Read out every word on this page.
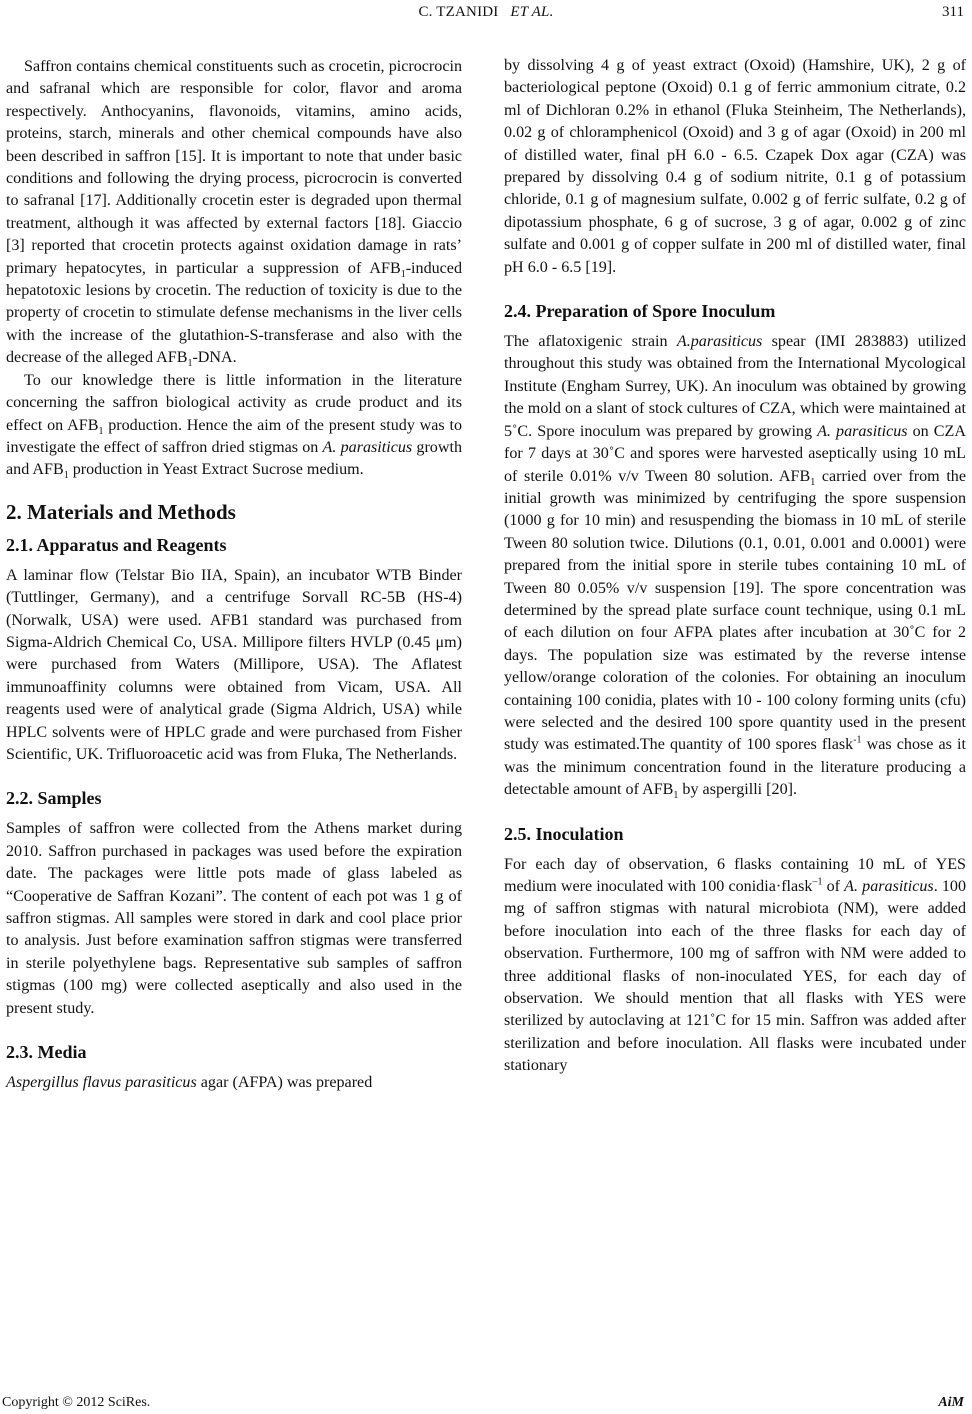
C. TZANIDI ET AL.	311

Saffron contains chemical constituents such as crocetin, picrocrocin and safranal which are responsible for color, flavor and aroma respectively. Anthocyanins, flavonoids, vitamins, amino acids, proteins, starch, minerals and other chemical compounds have also been described in saffron [15]. It is important to note that under basic conditions and following the drying process, picrocrocin is converted to safranal [17]. Additionally crocetin ester is degraded upon thermal treatment, although it was affected by external factors [18]. Giaccio [3] reported that crocetin protects against oxidation damage in rats’ primary hepatocytes, in particular a suppression of $AFB_1$-induced hepatotoxic lesions by crocetin. The reduction of toxicity is due to the property of crocetin to stimulate defense mechanisms in the liver cells with the increase of the glutathion-S-transferase and also with the decrease of the alleged $AFB_1$-DNA.

To our knowledge there is little information in the literature concerning the saffron biological activity as crude product and its effect on $AFB_1$ production. Hence the aim of the present study was to investigate the effect of saffron dried stigmas on A. parasiticus growth and $AFB_1$ production in Yeast Extract Sucrose medium.

2. Materials and Methods
2.1. Apparatus and Reagents

A laminar flow (Telstar Bio IIA, Spain), an incubator WTB Binder (Tuttlinger, Germany), and a centrifuge Sorvall RC-5B (HS-4) (Norwalk, USA) were used. AFB1 standard was purchased from Sigma-Aldrich Chemical Co, USA. Millipore filters HVLP (0.45 μm) were purchased from Waters (Millipore, USA). The Aflatest immunoaffinity columns were obtained from Vicam, USA. All reagents used were of analytical grade (Sigma Aldrich, USA) while HPLC solvents were of HPLC grade and were purchased from Fisher Scientific, UK. Trifluoroacetic acid was from Fluka, The Netherlands.

2.2. Samples

Samples of saffron were collected from the Athens market during 2010. Saffron purchased in packages was used before the expiration date. The packages were little pots made of glass labeled as “Cooperative de Saffran Kozani”. The content of each pot was 1 g of saffron stigmas. All samples were stored in dark and cool place prior to analysis. Just before examination saffron stigmas were transferred in sterile polyethylene bags. Representative sub samples of saffron stigmas (100 mg) were collected aseptically and also used in the present study.

2.3. Media

Aspergillus flavus parasiticus agar (AFPA) was prepared

by dissolving 4 g of yeast extract (Oxoid) (Hamshire, UK), 2 g of bacteriological peptone (Oxoid) 0.1 g of ferric ammonium citrate, 0.2 ml of Dichloran 0.2% in ethanol (Fluka Steinheim, The Netherlands), 0.02 g of chloramphenicol (Oxoid) and 3 g of agar (Oxoid) in 200 ml of distilled water, final pH 6.0 - 6.5. Czapek Dox agar (CZA) was prepared by dissolving 0.4 g of sodium nitrite, 0.1 g of potassium chloride, 0.1 g of magnesium sulfate, 0.002 g of ferric sulfate, 0.2 g of dipotassium phosphate, 6 g of sucrose, 3 g of agar, 0.002 g of zinc sulfate and 0.001 g of copper sulfate in 200 ml of distilled water, final pH 6.0 - 6.5 [19].

2.4. Preparation of Spore Inoculum

The aflatoxigenic strain A.parasiticus spear (IMI 283883) utilized throughout this study was obtained from the International Mycological Institute (Engham Surrey, UK). An inoculum was obtained by growing the mold on a slant of stock cultures of CZA, which were maintained at 5˚C. Spore inoculum was prepared by growing A. parasiticus on CZA for 7 days at 30˚C and spores were harvested aseptically using 10 mL of sterile 0.01% v/v Tween 80 solution. $AFB_1$ carried over from the initial growth was minimized by centrifuging the spore suspension (1000 g for 10 min) and resuspending the biomass in 10 mL of sterile Tween 80 solution twice. Dilutions (0.1, 0.01, 0.001 and 0.0001) were prepared from the initial spore in sterile tubes containing 10 mL of Tween 80 0.05% v/v suspension [19]. The spore concentration was determined by the spread plate surface count technique, using 0.1 mL of each dilution on four AFPA plates after incubation at 30˚C for 2 days. The population size was estimated by the reverse intense yellow/orange coloration of the colonies. For obtaining an inoculum containing 100 conidia, plates with 10 - 100 colony forming units (cfu) were selected and the desired 100 spore quantity used in the present study was estimated.The quantity of 100 spores flask$^{-1}$ was chose as it was the minimum concentration found in the literature producing a detectable amount of $AFB_1$ by aspergilli [20].

2.5. Inoculation

For each day of observation, 6 flasks containing 10 mL of YES medium were inoculated with 100 conidia·flask$^{-1}$ of A. parasiticus. 100 mg of saffron stigmas with natural microbiota (NM), were added before inoculation into each of the three flasks for each day of observation. Furthermore, 100 mg of saffron with NM were added to three additional flasks of non-inoculated YES, for each day of observation. We should mention that all flasks with YES were sterilized by autoclaving at 121˚C for 15 min. Saffron was added after sterilization and before inoculation. All flasks were incubated under stationary

Copyright © 2012 SciRes.	AiM
